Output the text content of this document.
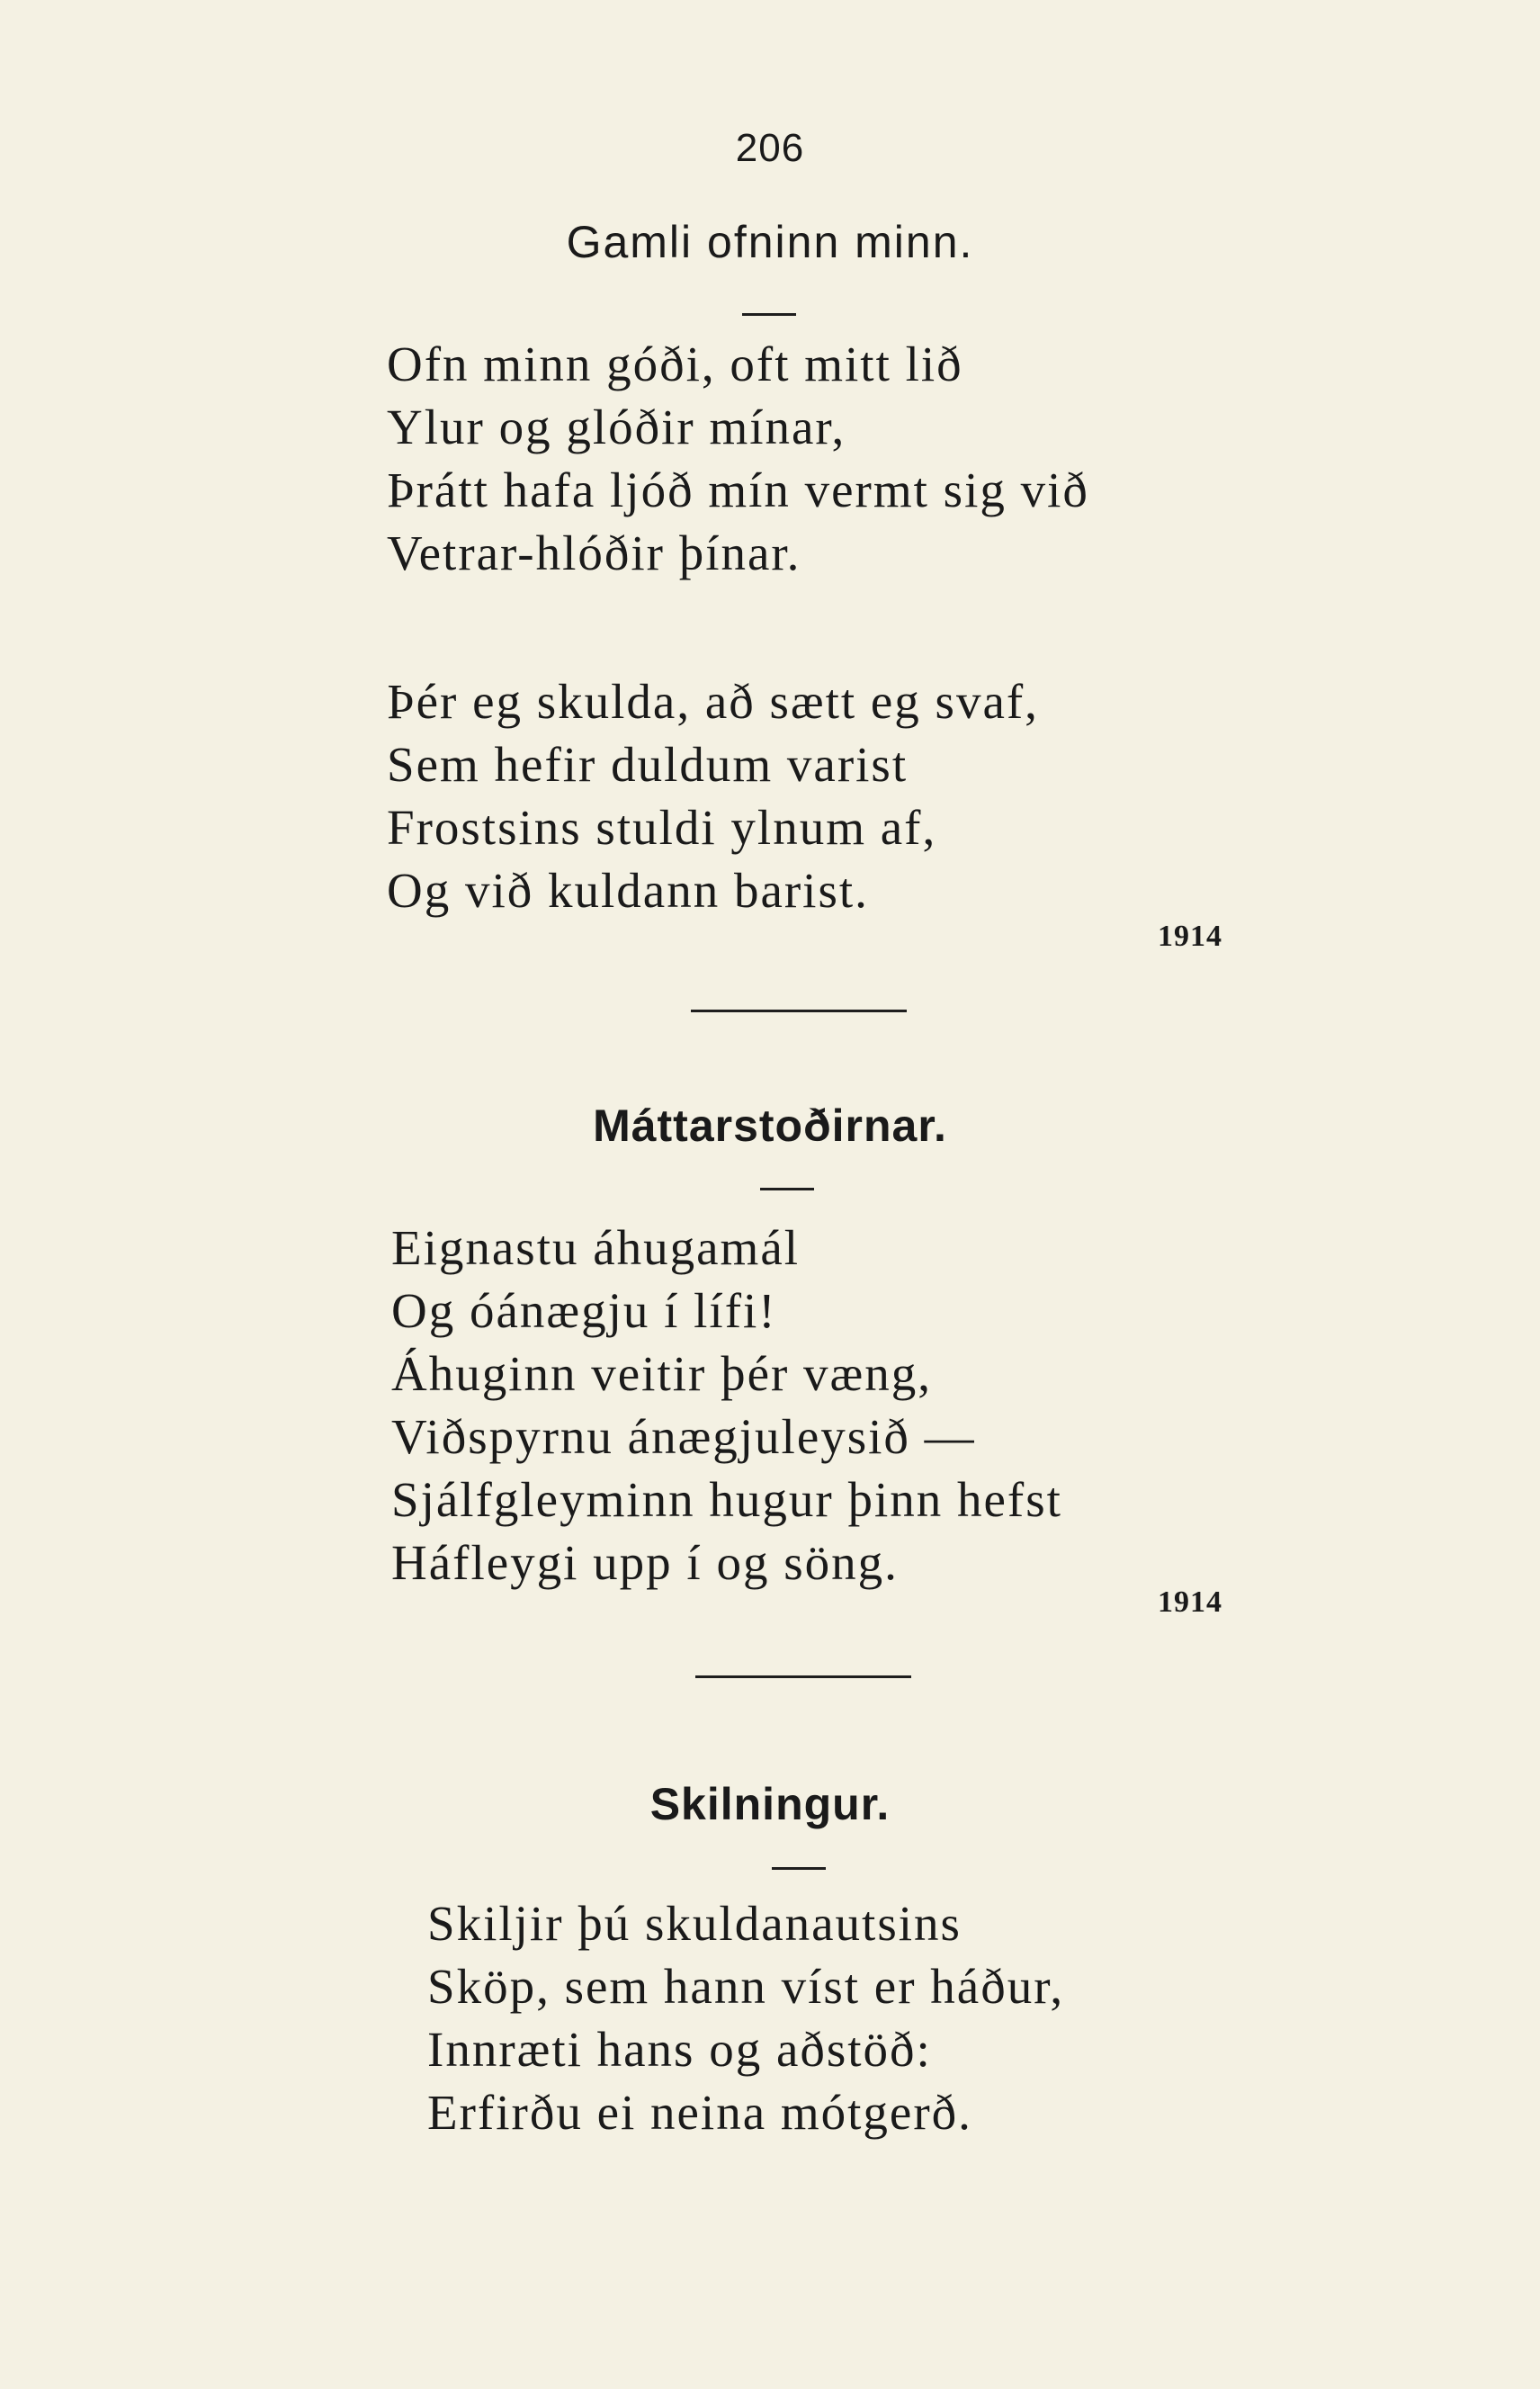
206
Gamli ofninn minn.
Ofn minn góði, oft mitt lið
Ylur og glóðir mínar,
Þrátt hafa ljóð mín vermt sig við
Vetrar-hlóðir þínar.
Þér eg skulda, að sætt eg svaf,
Sem hefir duldum varist
Frostsins stuldi ylnum af,
Og við kuldann barist.
1914
Máttarstoðirnar.
Eignastu áhugamál
Og óánægju í lífi!
Áhuginn veitir þér væng,
Viðspyrnu ánægjuleysið —
Sjálfgleyminn hugur þinn hefst
Háfleygi upp í og söng.
1914
Skilningur.
Skiljir þú skuldanautsins
Sköp, sem hann víst er háður,
Innræti hans og aðstöð:
Erfirðu ei neina mótgerð.
